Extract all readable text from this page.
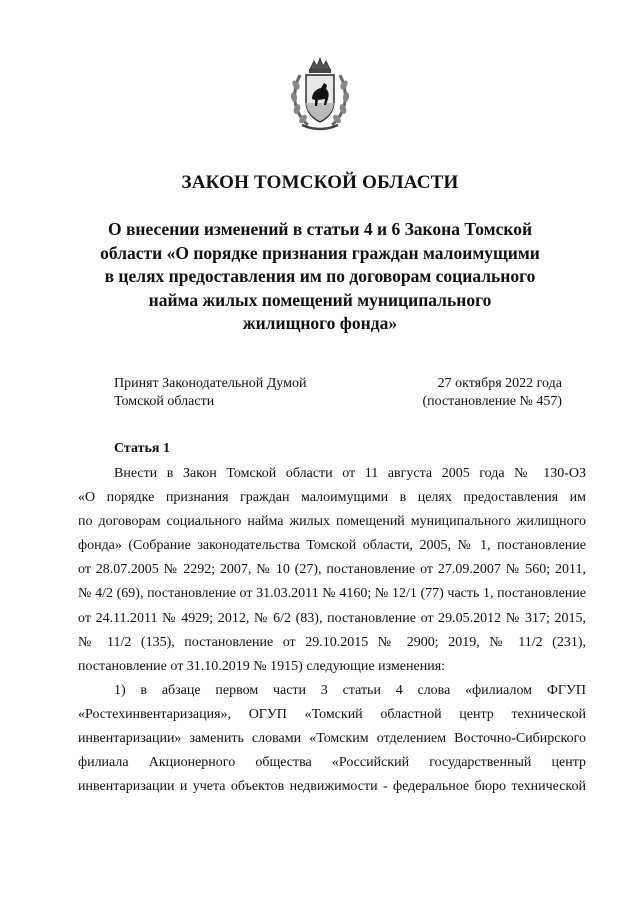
ЗАКОН ТОМСКОЙ ОБЛАСТИ
О внесении изменений в статьи 4 и 6 Закона Томской
области «О порядке признания граждан малоимущими
в целях предоставления им по договорам социального
найма жилых помещений муниципального
жилищного фонда»
Принят Законодательной Думой
Томской области
27 октября 2022 года
(постановление № 457)
Статья 1
Внести в Закон Томской области от 11 августа 2005 года № 130-ОЗ
«О порядке признания граждан малоимущими в целях предоставления им
по договорам социального найма жилых помещений муниципального жилищного
фонда» (Собрание законодательства Томской области, 2005, № 1, постановление
от 28.07.2005 № 2292; 2007, № 10 (27), постановление от 27.09.2007 № 560; 2011,
№ 4/2 (69), постановление от 31.03.2011 № 4160; № 12/1 (77) часть 1, постановление
от 24.11.2011 № 4929; 2012, № 6/2 (83), постановление от 29.05.2012 № 317; 2015,
№ 11/2 (135), постановление от 29.10.2015 № 2900; 2019, № 11/2 (231),
постановление от 31.10.2019 № 1915) следующие изменения:
1) в абзаце первом части 3 статьи 4 слова «филиалом ФГУП
«Ростехинвентаризация», ОГУП «Томский областной центр технической
инвентаризации» заменить словами «Томским отделением Восточно-Сибирского
филиала Акционерного общества «Российский государственный центр
инвентаризации и учета объектов недвижимости - федеральное бюро технической
